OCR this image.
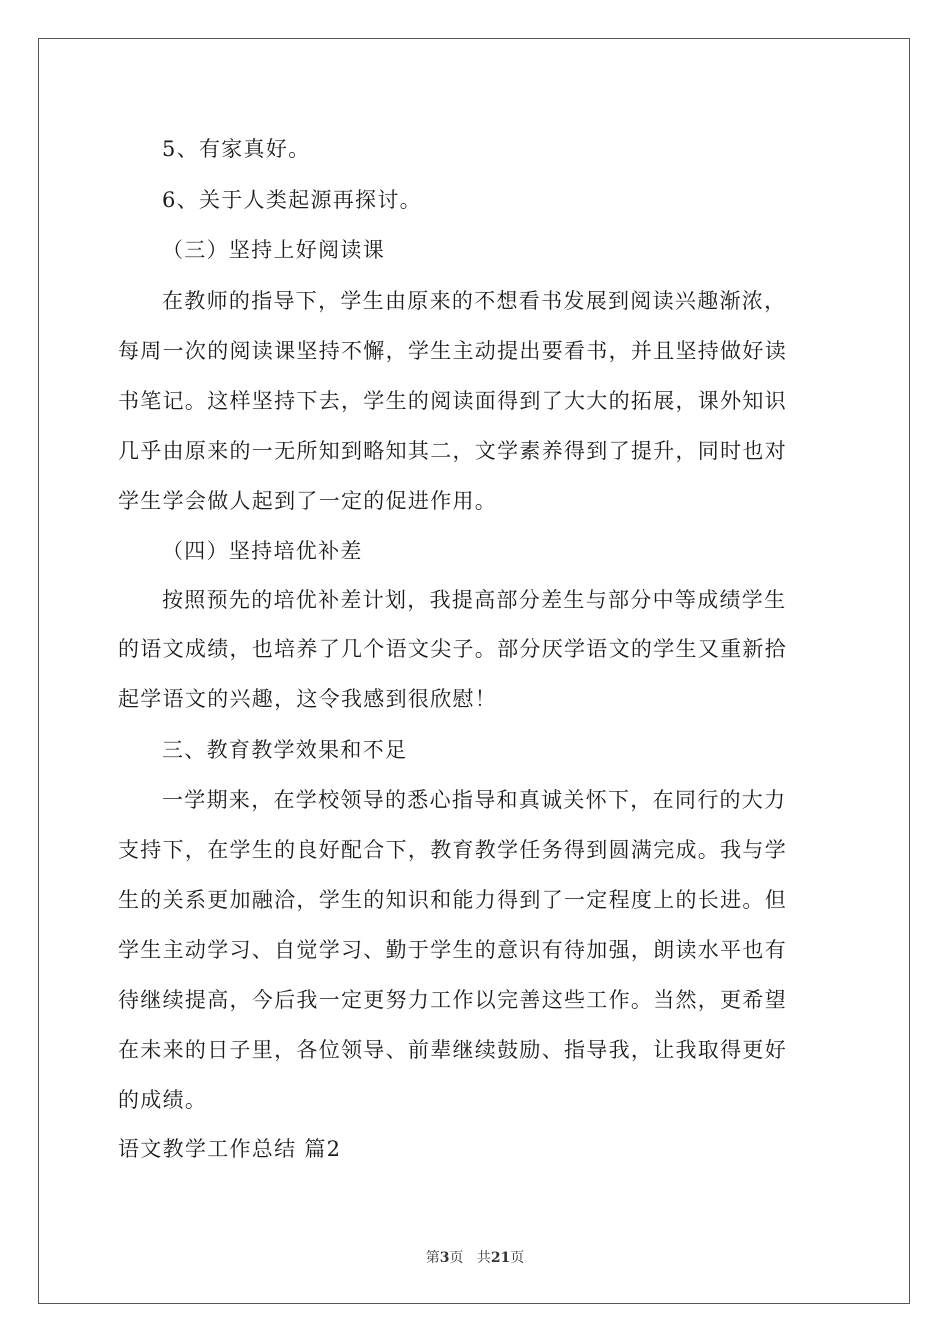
5、有家真好。
6、关于人类起源再探讨。
（三）坚持上好阅读课
在教师的指导下，学生由原来的不想看书发展到阅读兴趣渐浓，
每周一次的阅读课坚持不懈，学生主动提出要看书，并且坚持做好读
书笔记。这样坚持下去，学生的阅读面得到了大大的拓展，课外知识
几乎由原来的一无所知到略知其二，文学素养得到了提升，同时也对
学生学会做人起到了一定的促进作用。
（四）坚持培优补差
按照预先的培优补差计划，我提高部分差生与部分中等成绩学生
的语文成绩，也培养了几个语文尖子。部分厌学语文的学生又重新拾
起学语文的兴趣，这令我感到很欣慰！
三、教育教学效果和不足
一学期来，在学校领导的悉心指导和真诚关怀下，在同行的大力
支持下，在学生的良好配合下，教育教学任务得到圆满完成。我与学
生的关系更加融洽，学生的知识和能力得到了一定程度上的长进。但
学生主动学习、自觉学习、勤于学生的意识有待加强，朗读水平也有
待继续提高，今后我一定更努力工作以完善这些工作。当然，更希望
在未来的日子里，各位领导、前辈继续鼓励、指导我，让我取得更好
的成绩。
语文教学工作总结 篇2
第3页 共21页
